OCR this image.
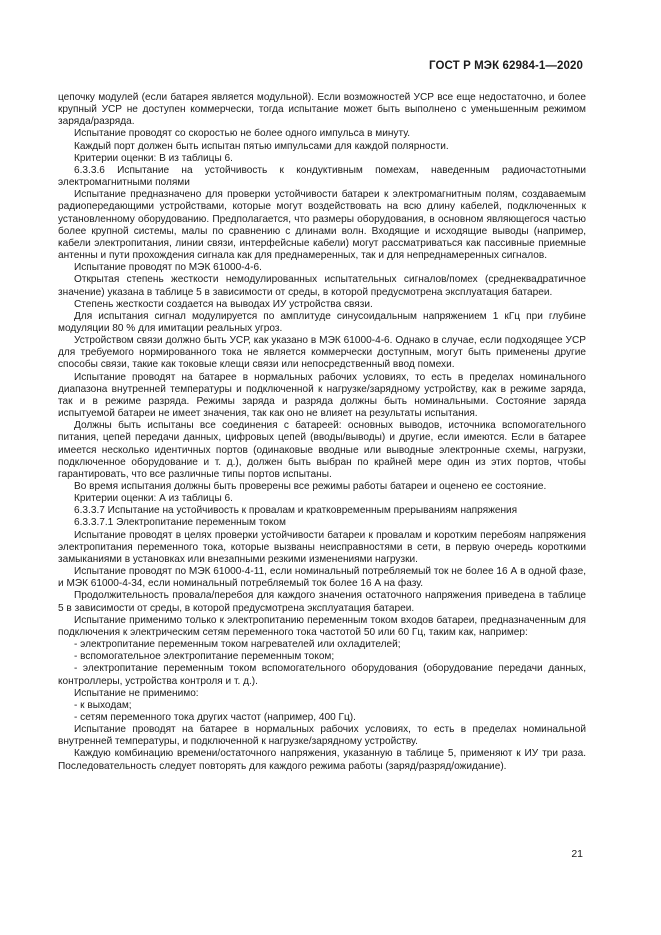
ГОСТ Р МЭК 62984-1—2020

цепочку модулей (если батарея является модульной). Если возможностей УСР все еще недостаточно, и более крупный УСР не доступен коммерчески, тогда испытание может быть выполнено с уменьшенным режимом заряда/разряда.

Испытание проводят со скоростью не более одного импульса в минуту.

Каждый порт должен быть испытан пятью импульсами для каждой полярности.

Критерии оценки: В из таблицы 6.

6.3.3.6 Испытание на устойчивость к кондуктивным помехам, наведенным радиочастотными электромагнитными полями

Испытание предназначено для проверки устойчивости батареи к электромагнитным полям, создаваемым радиопередающими устройствами, которые могут воздействовать на всю длину кабелей, подключенных к установленному оборудованию. Предполагается, что размеры оборудования, в основном являющегося частью более крупной системы, малы по сравнению с длинами волн. Входящие и исходящие выводы (например, кабели электропитания, линии связи, интерфейсные кабели) могут рассматриваться как пассивные приемные антенны и пути прохождения сигнала как для преднамеренных, так и для непреднамеренных сигналов.

Испытание проводят по МЭК 61000-4-6.

Открытая степень жесткости немодулированных испытательных сигналов/помех (среднеквадратичное значение) указана в таблице 5 в зависимости от среды, в которой предусмотрена эксплуатация батареи.

Степень жесткости создается на выводах ИУ устройства связи.

Для испытания сигнал модулируется по амплитуде синусоидальным напряжением 1 кГц при глубине модуляции 80 % для имитации реальных угроз.

Устройством связи должно быть УСР, как указано в МЭК 61000-4-6. Однако в случае, если подходящее УСР для требуемого нормированного тока не является коммерчески доступным, могут быть применены другие способы связи, такие как токовые клещи связи или непосредственный ввод помехи.

Испытание проводят на батарее в нормальных рабочих условиях, то есть в пределах номинального диапазона внутренней температуры и подключенной к нагрузке/зарядному устройству, как в режиме заряда, так и в режиме разряда. Режимы заряда и разряда должны быть номинальными. Состояние заряда испытуемой батареи не имеет значения, так как оно не влияет на результаты испытания.

Должны быть испытаны все соединения с батареей: основных выводов, источника вспомогательного питания, цепей передачи данных, цифровых цепей (вводы/выводы) и другие, если имеются. Если в батарее имеется несколько идентичных портов (одинаковые вводные или выводные электронные схемы, нагрузки, подключенное оборудование и т. д.), должен быть выбран по крайней мере один из этих портов, чтобы гарантировать, что все различные типы портов испытаны.

Во время испытания должны быть проверены все режимы работы батареи и оценено ее состояние.

Критерии оценки: А из таблицы 6.

6.3.3.7 Испытание на устойчивость к провалам и кратковременным прерываниям напряжения

6.3.3.7.1 Электропитание переменным током

Испытание проводят в целях проверки устойчивости батареи к провалам и коротким перебоям напряжения электропитания переменного тока, которые вызваны неисправностями в сети, в первую очередь короткими замыканиями в установках или внезапными резкими изменениями нагрузки.

Испытание проводят по МЭК 61000-4-11, если номинальный потребляемый ток не более 16 А в одной фазе, и МЭК 61000-4-34, если номинальный потребляемый ток более 16 А на фазу.

Продолжительность провала/перебоя для каждого значения остаточного напряжения приведена в таблице 5 в зависимости от среды, в которой предусмотрена эксплуатация батареи.

Испытание применимо только к электропитанию переменным током входов батареи, предназначенным для подключения к электрическим сетям переменного тока частотой 50 или 60 Гц, таким как, например:

- электропитание переменным током нагревателей или охладителей;

- вспомогательное электропитание переменным током;

- электропитание переменным током вспомогательного оборудования (оборудование передачи данных, контроллеры, устройства контроля и т. д.).

Испытание не применимо:

- к выходам;

- сетям переменного тока других частот (например, 400 Гц).

Испытание проводят на батарее в нормальных рабочих условиях, то есть в пределах номинальной внутренней температуры, и подключенной к нагрузке/зарядному устройству.

Каждую комбинацию времени/остаточного напряжения, указанную в таблице 5, применяют к ИУ три раза. Последовательность следует повторять для каждого режима работы (заряд/разряд/ожидание).

21
